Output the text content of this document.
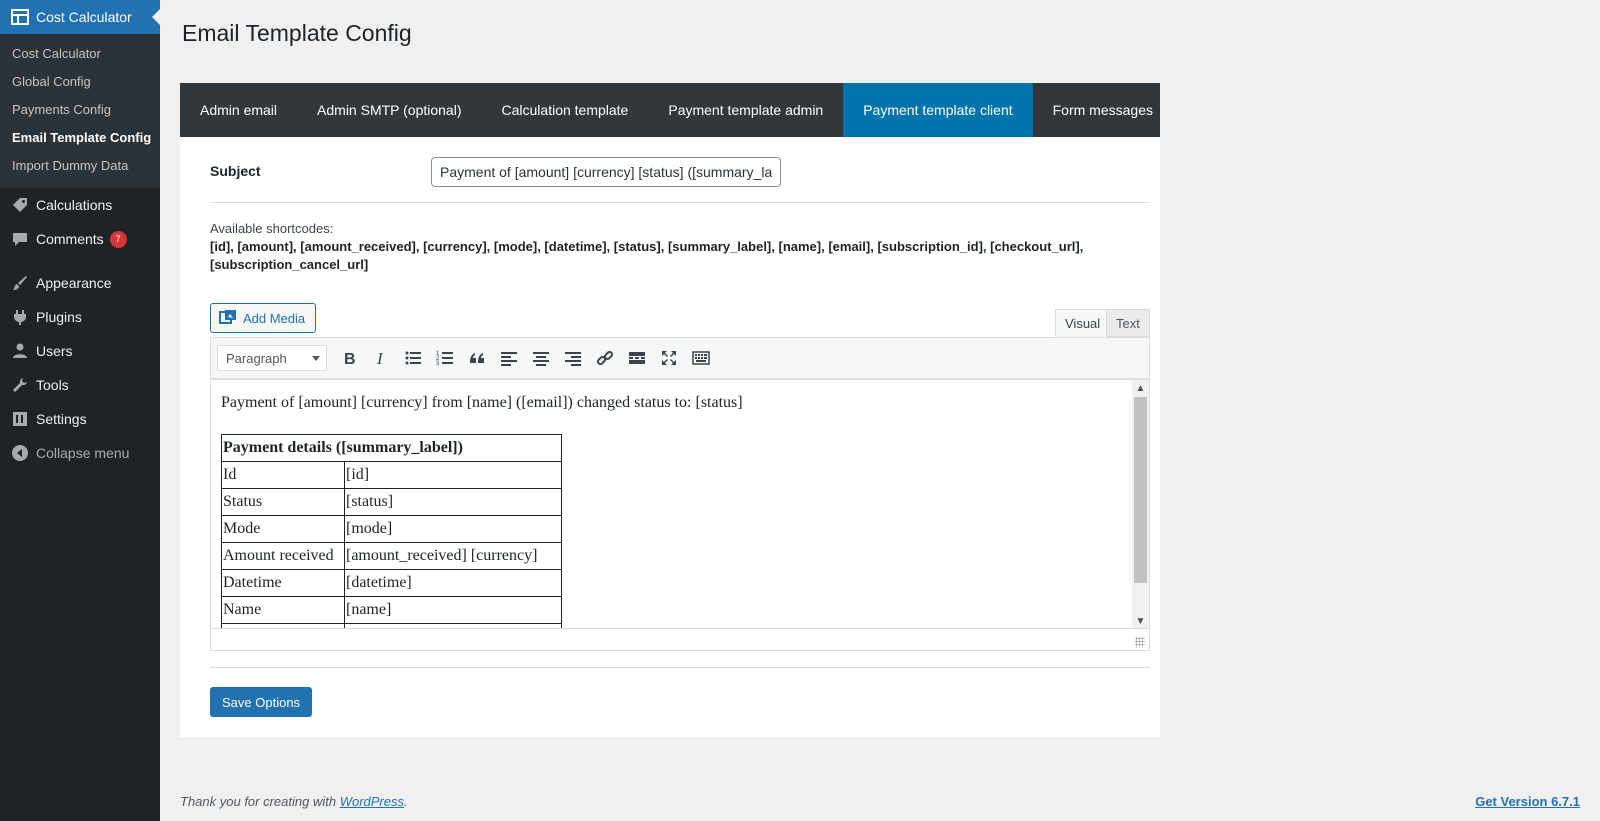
Cost Calculator
Cost Calculator
Global Config
Payments Config
Email Template Config
Import Dummy Data
Calculations
Comments	7
Appearance
Plugins
Users
Tools
Settings
Collapse menu
Email Template Config
Admin email	Admin SMTP (optional)	Calculation template	Payment template admin	Payment template client	Form messages
Subject
Payment of [amount] [currency] [status] ([summary_label])
Available shortcodes:
[id], [amount], [amount_received], [currency], [mode], [datetime], [status], [summary_label], [name], [email], [subscription_id], [checkout_url], [subscription_cancel_url]
Add Media	Visual	Text
Paragraph	B I	1
2
3
Payment of [amount] [currency] from [name] ([email]) changed status to: [status]
Payment details ([summary_label])	
Id	[id]
Status	[status]
Mode	[mode]
Amount received	[amount_received] [currency]
Datetime	[datetime]
Name	[name]

▲
▼
Save Options
Thank you for creating with WordPress.	Get Version 6.7.1
